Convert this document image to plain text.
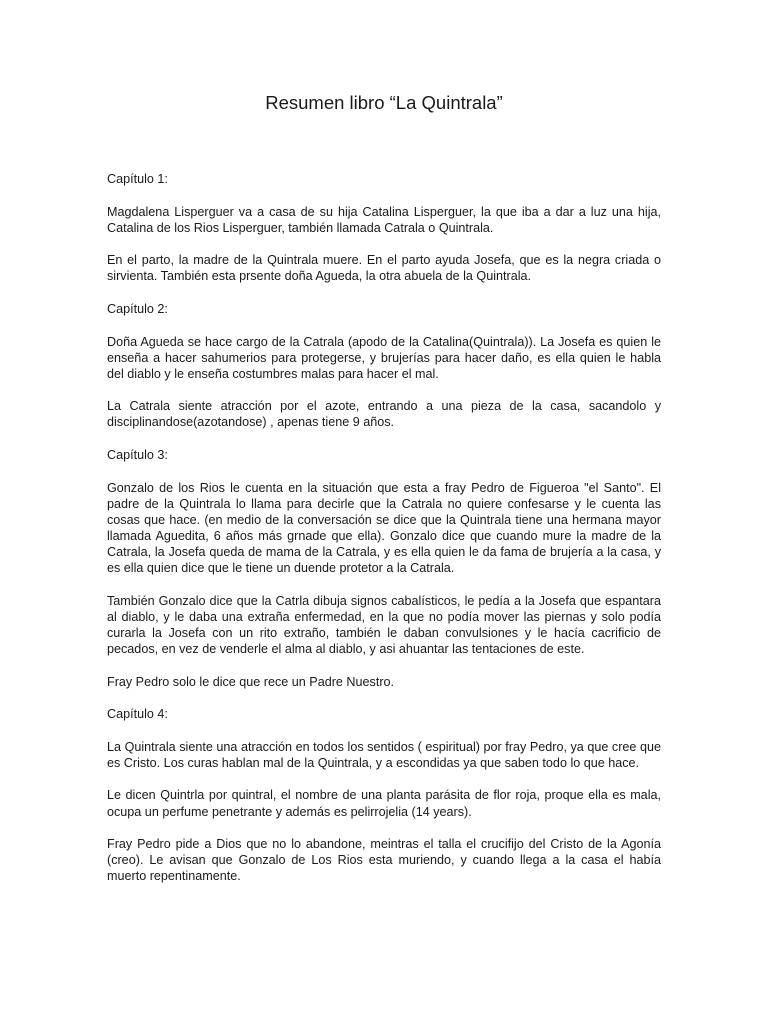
Resumen libro “La Quintrala”

Capítulo 1:

Magdalena Lisperguer va a casa de su hija Catalina Lisperguer, la que iba a dar a luz una hija, Catalina de los Rios Lisperguer, también llamada Catrala o Quintrala.

En el parto, la madre de la Quintrala muere. En el parto ayuda Josefa, que es la negra criada o sirvienta. También esta prsente doña Agueda, la otra abuela de la Quintrala.

Capítulo 2:

Doña Agueda se hace cargo de la Catrala (apodo de la Catalina(Quintrala)). La Josefa es quien le enseña a hacer sahumerios para protegerse, y brujerías para hacer daño, es ella quien le habla del diablo y le enseña costumbres malas para hacer el mal.

La Catrala siente atracción por el azote, entrando a una pieza de la casa, sacandolo y disciplinandose(azotandose) , apenas tiene 9 años.

Capítulo 3:

Gonzalo de los Rios le cuenta en la situación que esta a fray Pedro de Figueroa "el Santo". El padre de la Quintrala lo llama para decirle que la Catrala no quiere confesarse y le cuenta las cosas que hace. (en medio de la conversación se dice que la Quintrala tiene una hermana mayor llamada Aguedita, 6 años más grnade que ella). Gonzalo dice que cuando mure la madre de la Catrala, la Josefa queda de mama de la Catrala, y es ella quien le da fama de brujería a la casa, y es ella quien dice que le tiene un duende protetor a la Catrala.

También Gonzalo dice que la Catrla dibuja signos cabalísticos, le pedía a la Josefa que espantara al diablo, y le daba una extraña enfermedad, en la que no podía mover las piernas y solo podía curarla la Josefa con un rito extraño, también le daban convulsiones y le hacía cacrificio de pecados, en vez de venderle el alma al diablo, y asi ahuantar las tentaciones de este.

Fray Pedro solo le dice que rece un Padre Nuestro.

Capítulo 4:

La Quintrala siente una atracción en todos los sentidos ( espiritual) por fray Pedro, ya que cree que es Cristo. Los curas hablan mal de la Quintrala, y a escondidas ya que saben todo lo que hace.

Le dicen Quintrla por quintral, el nombre de una planta parásita de flor roja, proque ella es mala, ocupa un perfume penetrante y además es pelirrojelia (14 years).

Fray Pedro pide a Dios que no lo abandone, meintras el talla el crucifijo del Cristo de la Agonía (creo). Le avisan que Gonzalo de Los Rios esta muriendo, y cuando llega a la casa el había muerto repentinamente.
